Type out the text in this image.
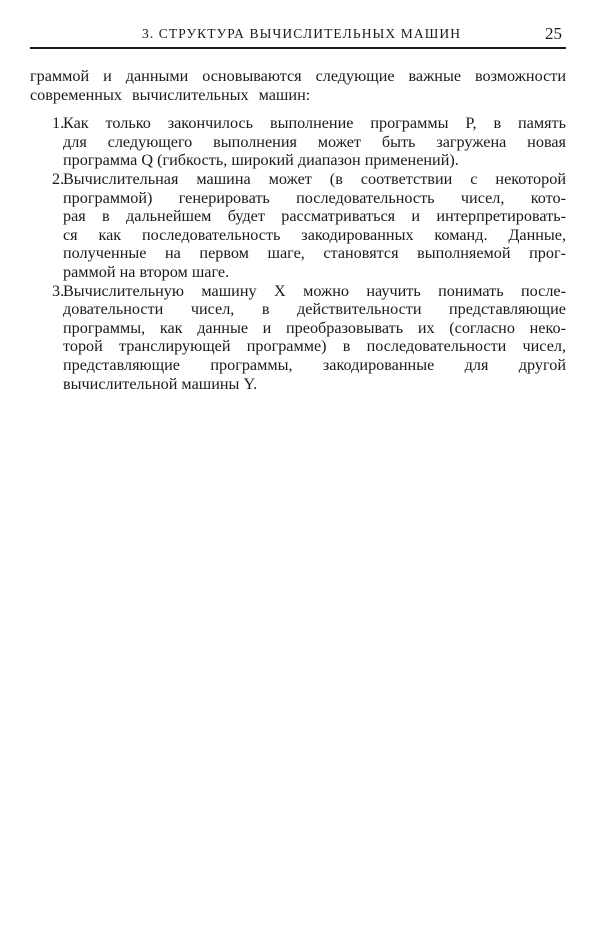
3. СТРУКТУРА ВЫЧИСЛИТЕЛЬНЫХ МАШИН	25

граммой и данными основываются следующие важные возможности
современных вычислительных машин:

1.
Как только закончилось выполнение программы P, в память
для следующего выполнения может быть загружена новая
программа Q (гибкость, широкий диапазон применений).
2.
Вычислительная машина может (в соответствии с некоторой
программой) генерировать последовательность чисел, кото-
рая в дальнейшем будет рассматриваться и интерпретировать-
ся как последовательность закодированных команд. Данные,
полученные на первом шаге, становятся выполняемой прог-
раммой на втором шаге.
3.
Вычислительную машину X можно научить понимать после-
довательности чисел, в действительности представляющие
программы, как данные и преобразовывать их (согласно неко-
торой транслирующей программе) в последовательности чисел,
представляющие программы, закодированные для другой
вычислительной машины Y.
